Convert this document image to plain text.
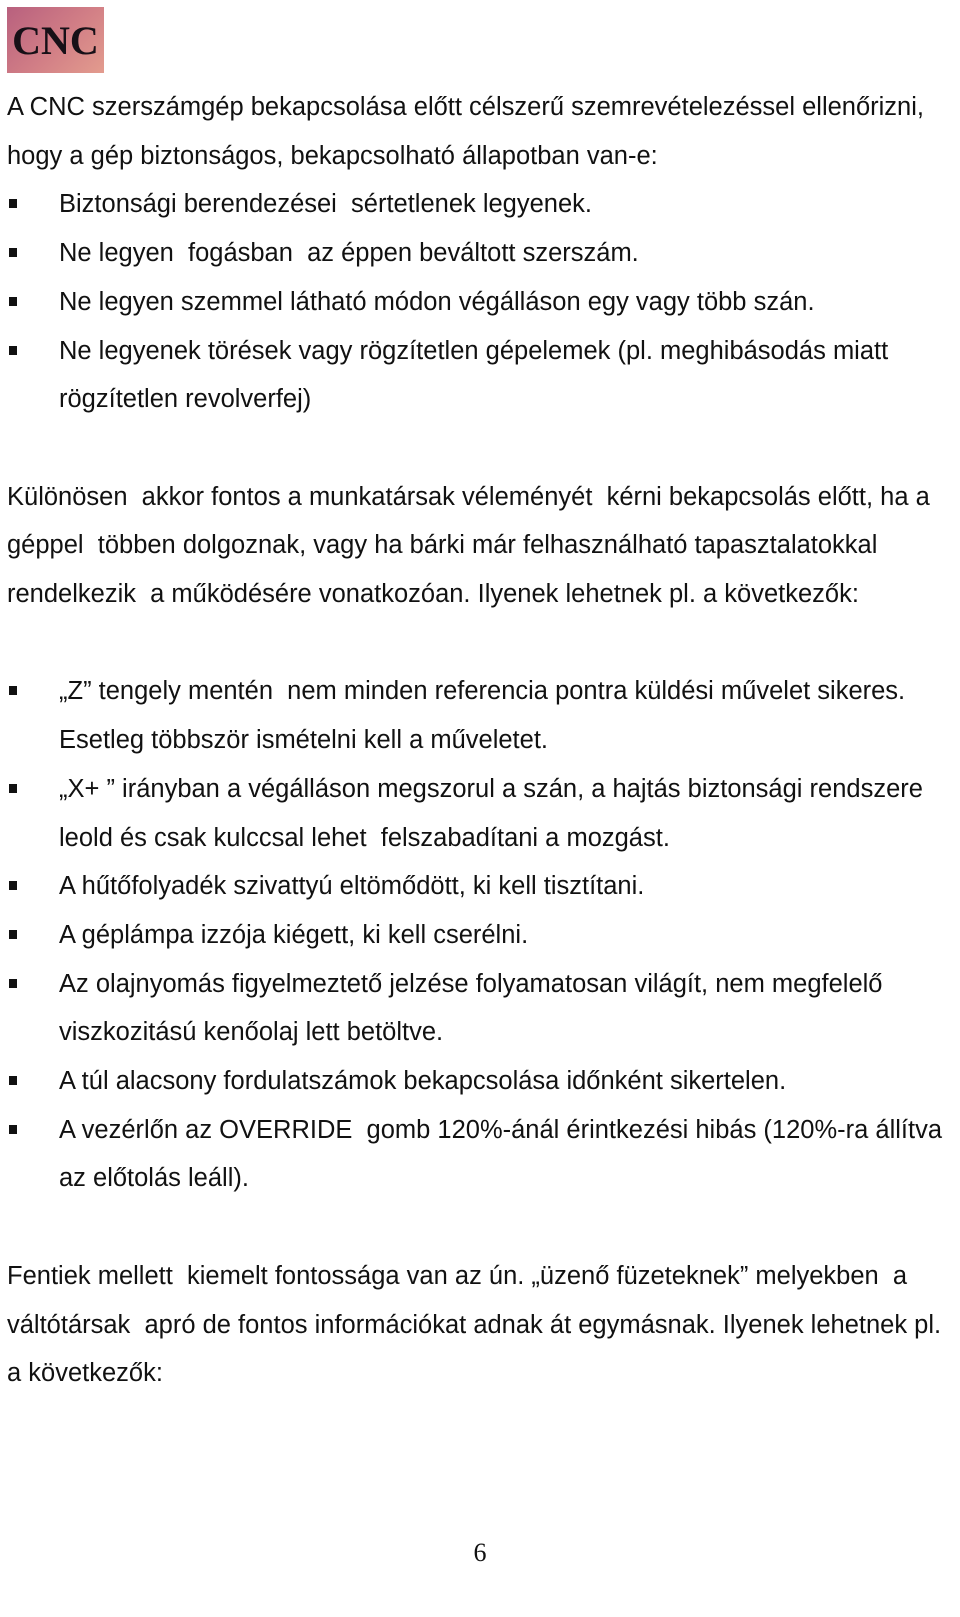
CNC

A CNC szerszámgép bekapcsolása előtt célszerű szemrevételezéssel ellenőrizni, hogy a gép biztonságos, bekapcsolható állapotban van-e:

Biztonsági berendezései  sértetlenek legyenek.
Ne legyen  fogásban  az éppen beváltott szerszám.
Ne legyen szemmel látható módon végálláson egy vagy több szán.
Ne legyenek törések vagy rögzítetlen gépelemek (pl. meghibásodás miatt rögzítetlen revolverfej)

Különösen  akkor fontos a munkatársak véleményét  kérni bekapcsolás előtt, ha a géppel  többen dolgoznak, vagy ha bárki már felhasználható tapasztalatokkal rendelkezik  a működésére vonatkozóan. Ilyenek lehetnek pl. a következők:

„Z” tengely mentén  nem minden referencia pontra küldési művelet sikeres. Esetleg többször ismételni kell a műveletet.
„X+ ” irányban a végálláson megszorul a szán, a hajtás biztonsági rendszere leold és csak kulccsal lehet  felszabadítani a mozgást.
A hűtőfolyadék szivattyú eltömődött, ki kell tisztítani.
A géplámpa izzója kiégett, ki kell cserélni.
Az olajnyomás figyelmeztető jelzése folyamatosan világít, nem megfelelő viszkozitású kenőolaj lett betöltve.
A túl alacsony fordulatszámok bekapcsolása időnként sikertelen.
A vezérlőn az OVERRIDE  gomb 120%-ánál érintkezési hibás (120%-ra állítva az előtolás leáll).

Fentiek mellett  kiemelt fontossága van az ún. „üzenő füzeteknek” melyekben  a váltótársak  apró de fontos információkat adnak át egymásnak. Ilyenek lehetnek pl. a következők:

6
